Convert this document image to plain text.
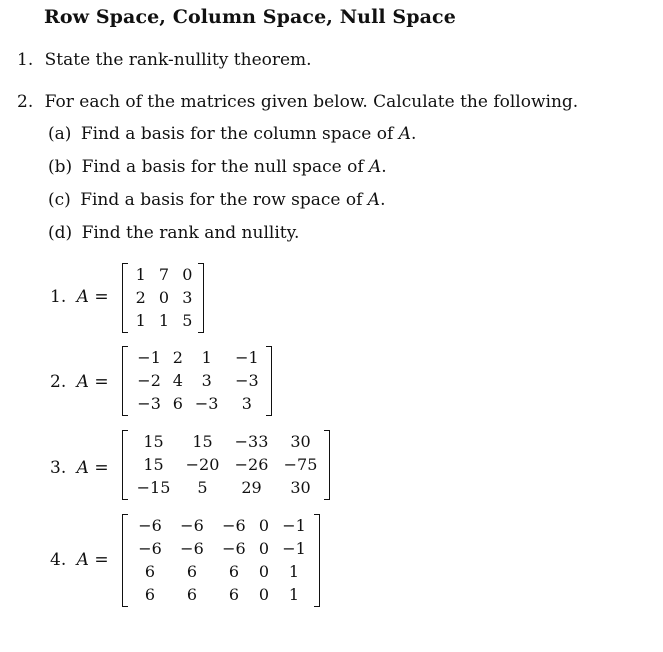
Row Space, Column Space, Null Space
1. State the rank-nullity theorem.
2. For each of the matrices given below. Calculate the following.
(a) Find a basis for the column space of A.
(b) Find a basis for the null space of A.
(c) Find a basis for the row space of A.
(d) Find the rank and nullity.
1. A =
1	7	0
2	0	3
1	1	5
2. A =
−1	2	1	−1
−2	4	3	−3
−3	6	−3	3
3. A =
15	15	−33	30
15	−20	−26	−75
−15	5	29	30
4. A =
−6	−6	−6	0	−1
−6	−6	−6	0	−1
6	6	6	0	1
6	6	6	0	1
